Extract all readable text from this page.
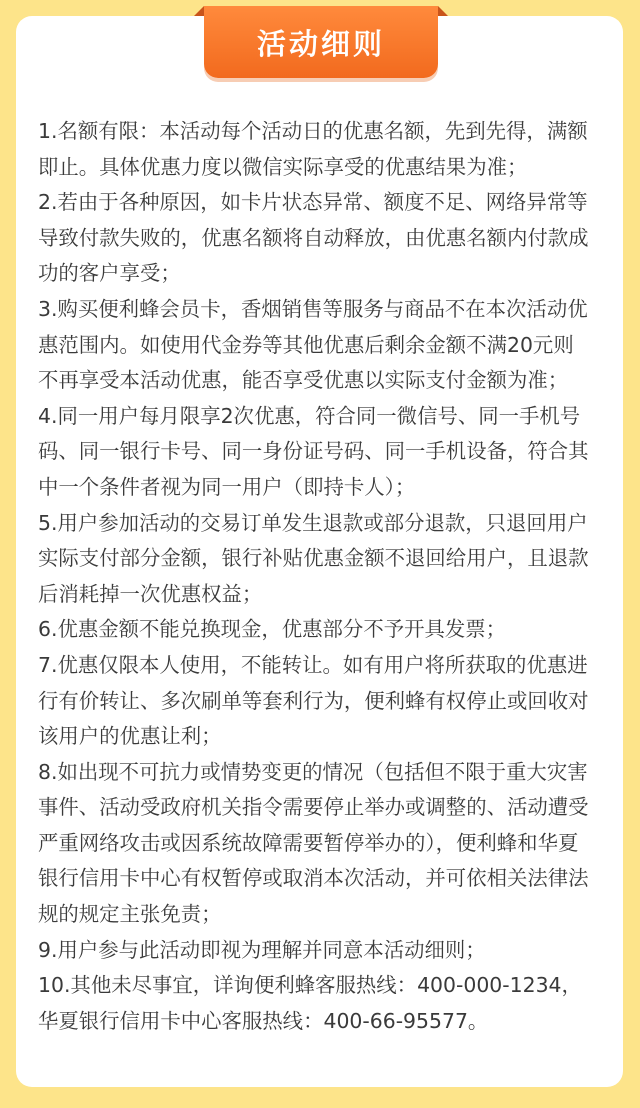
活动细则
1.名额有限：本活动每个活动日的优惠名额，先到先得，满额
即止。具体优惠力度以微信实际享受的优惠结果为准；
2.若由于各种原因，如卡片状态异常、额度不足、网络异常等
导致付款失败的，优惠名额将自动释放，由优惠名额内付款成
功的客户享受；
3.购买便利蜂会员卡，香烟销售等服务与商品不在本次活动优
惠范围内。如使用代金券等其他优惠后剩余金额不满20元则
不再享受本活动优惠，能否享受优惠以实际支付金额为准；
4.同一用户每月限享2次优惠，符合同一微信号、同一手机号
码、同一银行卡号、同一身份证号码、同一手机设备，符合其
中一个条件者视为同一用户（即持卡人）；
5.用户参加活动的交易订单发生退款或部分退款，只退回用户
实际支付部分金额，银行补贴优惠金额不退回给用户，且退款
后消耗掉一次优惠权益；
6.优惠金额不能兑换现金，优惠部分不予开具发票；
7.优惠仅限本人使用，不能转让。如有用户将所获取的优惠进
行有价转让、多次刷单等套利行为，便利蜂有权停止或回收对
该用户的优惠让利；
8.如出现不可抗力或情势变更的情况（包括但不限于重大灾害
事件、活动受政府机关指令需要停止举办或调整的、活动遭受
严重网络攻击或因系统故障需要暂停举办的），便利蜂和华夏
银行信用卡中心有权暂停或取消本次活动，并可依相关法律法
规的规定主张免责；
9.用户参与此活动即视为理解并同意本活动细则；
10.其他未尽事宜，详询便利蜂客服热线：400-000-1234，
华夏银行信用卡中心客服热线：400-66-95577。
